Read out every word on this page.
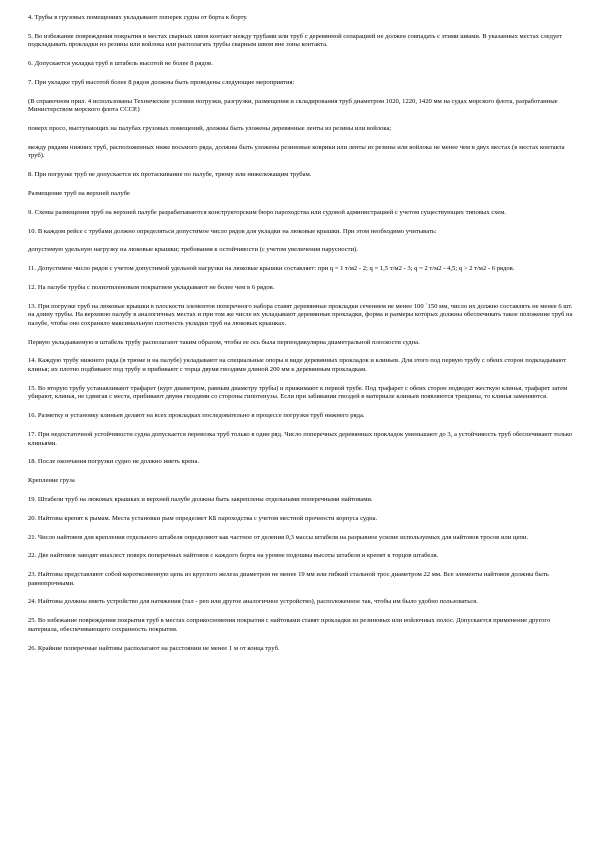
4. Трубы в грузовых помещениях укладывают поперек судна от борта к борту.

5. Во избежание повреждения покрытия в местах сварных швов контакт между трубами или труб с деревянной сепарацией не должен совпадать с этими швами. В указанных местах следует подкладывать прокладки из резины или войлока или располагать трубы сварным швом вне зоны контакта.

6. Допускается укладка труб в штабель высотой не более 8 рядов.

7. При укладке труб высотой более 8 рядов должны быть проведены следующие мероприятия:

(В справочном прил. 4 использованы Технические условия погрузки, разгрузки, размещения и складирования труб диаметром 1020, 1220, 1420 мм на судах морского флота, разработанные Министерством морского флота СССР.)

поверх просо, выступающих на палубах грузовых помещений, должны быть уложены деревянные ленты из резины или войлока;

между рядами нижних труб, расположенных ниже восьмого ряда, должны быть уложены резиновые коврики или ленты из резины или войлока не менее чем в двух местах (в местах контакта труб).

8. При погрузке труб не допускается их протаскивание по палубе, трюму или нижележащим трубам.

Размещение труб на верхней палубе

9. Схемы размещения труб на верхней палубе разрабатываются конструкторским бюро пароходства или судовой администрацией с учетом существующих типовых схем.

10. В каждом рейсе с трубами должно определяться допустимое число рядов для укладки на люковые крышки. При этом необходимо учитывать:

допустимую удельную нагрузку на люковые крышки; требования к остойчивости (с учетом увеличения парусности).

11. Допустимое число рядов с учетом допустимой удельной нагрузки на люковые крышки составляет: при q = 1 т/м2 - 2; q = 1,5 т/м2 - 3; q = 2 т/м2 - 4,5; q > 2 т/м2 - 6 рядов.

12. На палубе трубы с полиэтиленовым покрытием укладывают не более чем в 6 рядов.

13. При погрузке труб на люковые крышки в плоскости элементов поперечного набора ставят деревянные прокладки сечением не менее 100 ´150 мм, число их должно составлять не менее 6 шт. на длину трубы. На верхнюю палубу в аналогичных местах и при том же числе их укладывают деревянные прокладки, форма и размеры которых должны обеспечивать такое положение труб на палубе, чтобы оно сохраняло максимальную плотность укладки труб на люковых крышках.

Первую укладываемую в штабель трубу располагают таким образом, чтобы ее ось была перпендикулярна диаметральной плоскости судна.

14. Каждую трубу нижнего ряда (в трюме и на палубе) укладывают на специальные опоры в виде деревянных прокладок и клиньев. Для этого под первую трубу с обеих сторон подкладывают клинья; их плотно подбивают под трубу и прибивают с торца двумя гвоздями длиной 200 мм к деревянным прокладкам.

15. Во вторую трубу устанавливают трафарет (курт диаметром, равным диаметру трубы) и прижимают к первой трубе. Под трафарет с обеих сторон подводят жесткую клинья, трафарет затем убирают, клинья, не сдвигая с места, прибивают двумя гвоздями со стороны гипотенузы. Если при забивании гвоздей в материале клиньев появляются трещины, то клинья заменяются.

16. Разметку и установку клиньев делают на всех прокладках последовательно в процессе погрузки труб нижнего ряда.

17. При недостаточной устойчивости судна допускается перевозка труб только в один ряд. Число поперечных деревянных прокладок уменьшают до 3, а устойчивость труб обеспечивают только клиньями.

18. После окончания погрузки судно не должно иметь крена.

Крепление груза

19. Штабели труб на люковых крышках и верхней палубе должны быть закреплены отдельными поперечными найтовами.

20. Найтовы крепят к рымам. Места установки рым определяет КБ пароходства с учетом местной прочности корпуса судна.

21. Число найтовов для крепления отдельного штабеля определяют как частное от деления 0,3 массы штабеля на разрывное усилие используемых для найтовов тросов или цепи.

22. Две найтовов заводят внахлест поверх поперечных найтовов с каждого борта на уровне подошвы высоты штабеля и крепят к торцов штабеля.

23. Найтовы представляют собой короткозвенную цепь из круглого железа диаметром не менее 19 мм или гибкий стальной трос диаметром 22 мм. Все элементы найтовов должны быть равнопрочными.

24. Найтовы должны иметь устройство для натяжения (тал - реп или другое аналогичное устройство), расположенное так, чтобы им было удобно пользоваться.

25. Во избежание повреждения покрытия труб в местах соприкосновения покрытия с найтовами ставят прокладки из резиновых или войлочных полос. Допускается применение другого материала, обеспечивающего сохранность покрытия.

26. Крайние поперечные найтовы располагают на расстоянии не менее 1 м от конца труб.
